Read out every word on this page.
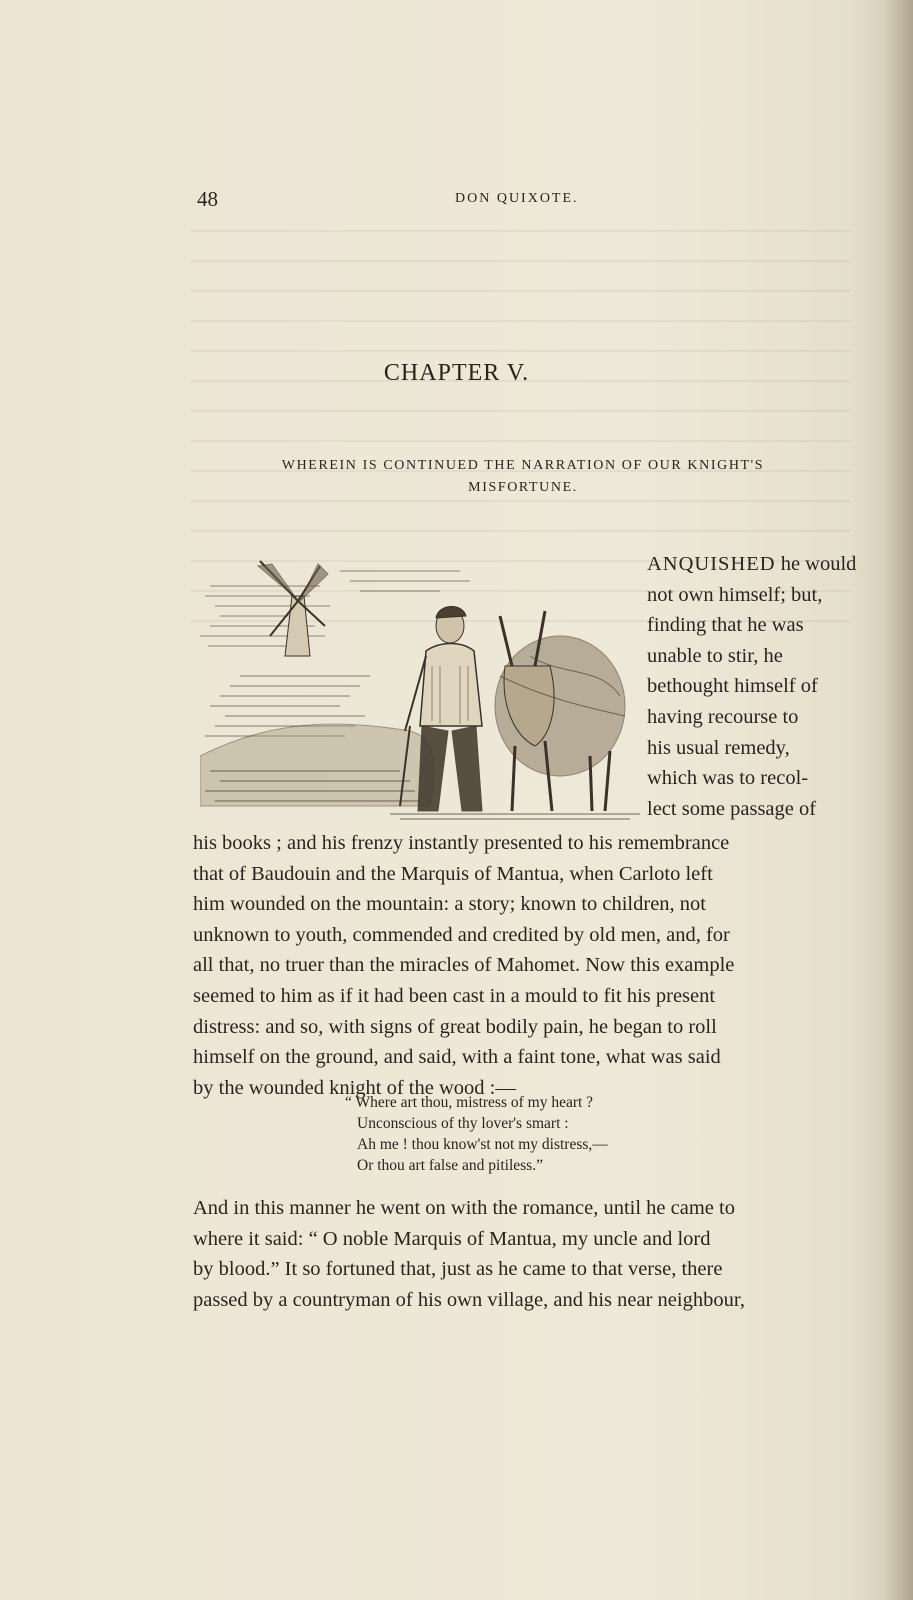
48	DON QUIXOTE.
CHAPTER V.
WHEREIN IS CONTINUED THE NARRATION OF OUR KNIGHT'S
MISFORTUNE.
ANQUISHED he would
not own himself; but,
finding that he was
unable to stir, he
bethought himself of
having recourse to
his usual remedy,
which was to recol-
lect some passage of
his books ; and his frenzy instantly presented to his remembrance
that of Baudouin and the Marquis of Mantua, when Carloto left
him wounded on the mountain: a story; known to children, not
unknown to youth, commended and credited by old men, and, for
all that, no truer than the miracles of Mahomet. Now this example
seemed to him as if it had been cast in a mould to fit his present
distress: and so, with signs of great bodily pain, he began to roll
himself on the ground, and said, with a faint tone, what was said
by the wounded knight of the wood :—
“ Where art thou, mistress of my heart ?
Unconscious of thy lover's smart :
Ah me ! thou know'st not my distress,—
Or thou art false and pitiless.”
And in this manner he went on with the romance, until he came to
where it said: “ O noble Marquis of Mantua, my uncle and lord
by blood.” It so fortuned that, just as he came to that verse, there
passed by a countryman of his own village, and his near neighbour,
